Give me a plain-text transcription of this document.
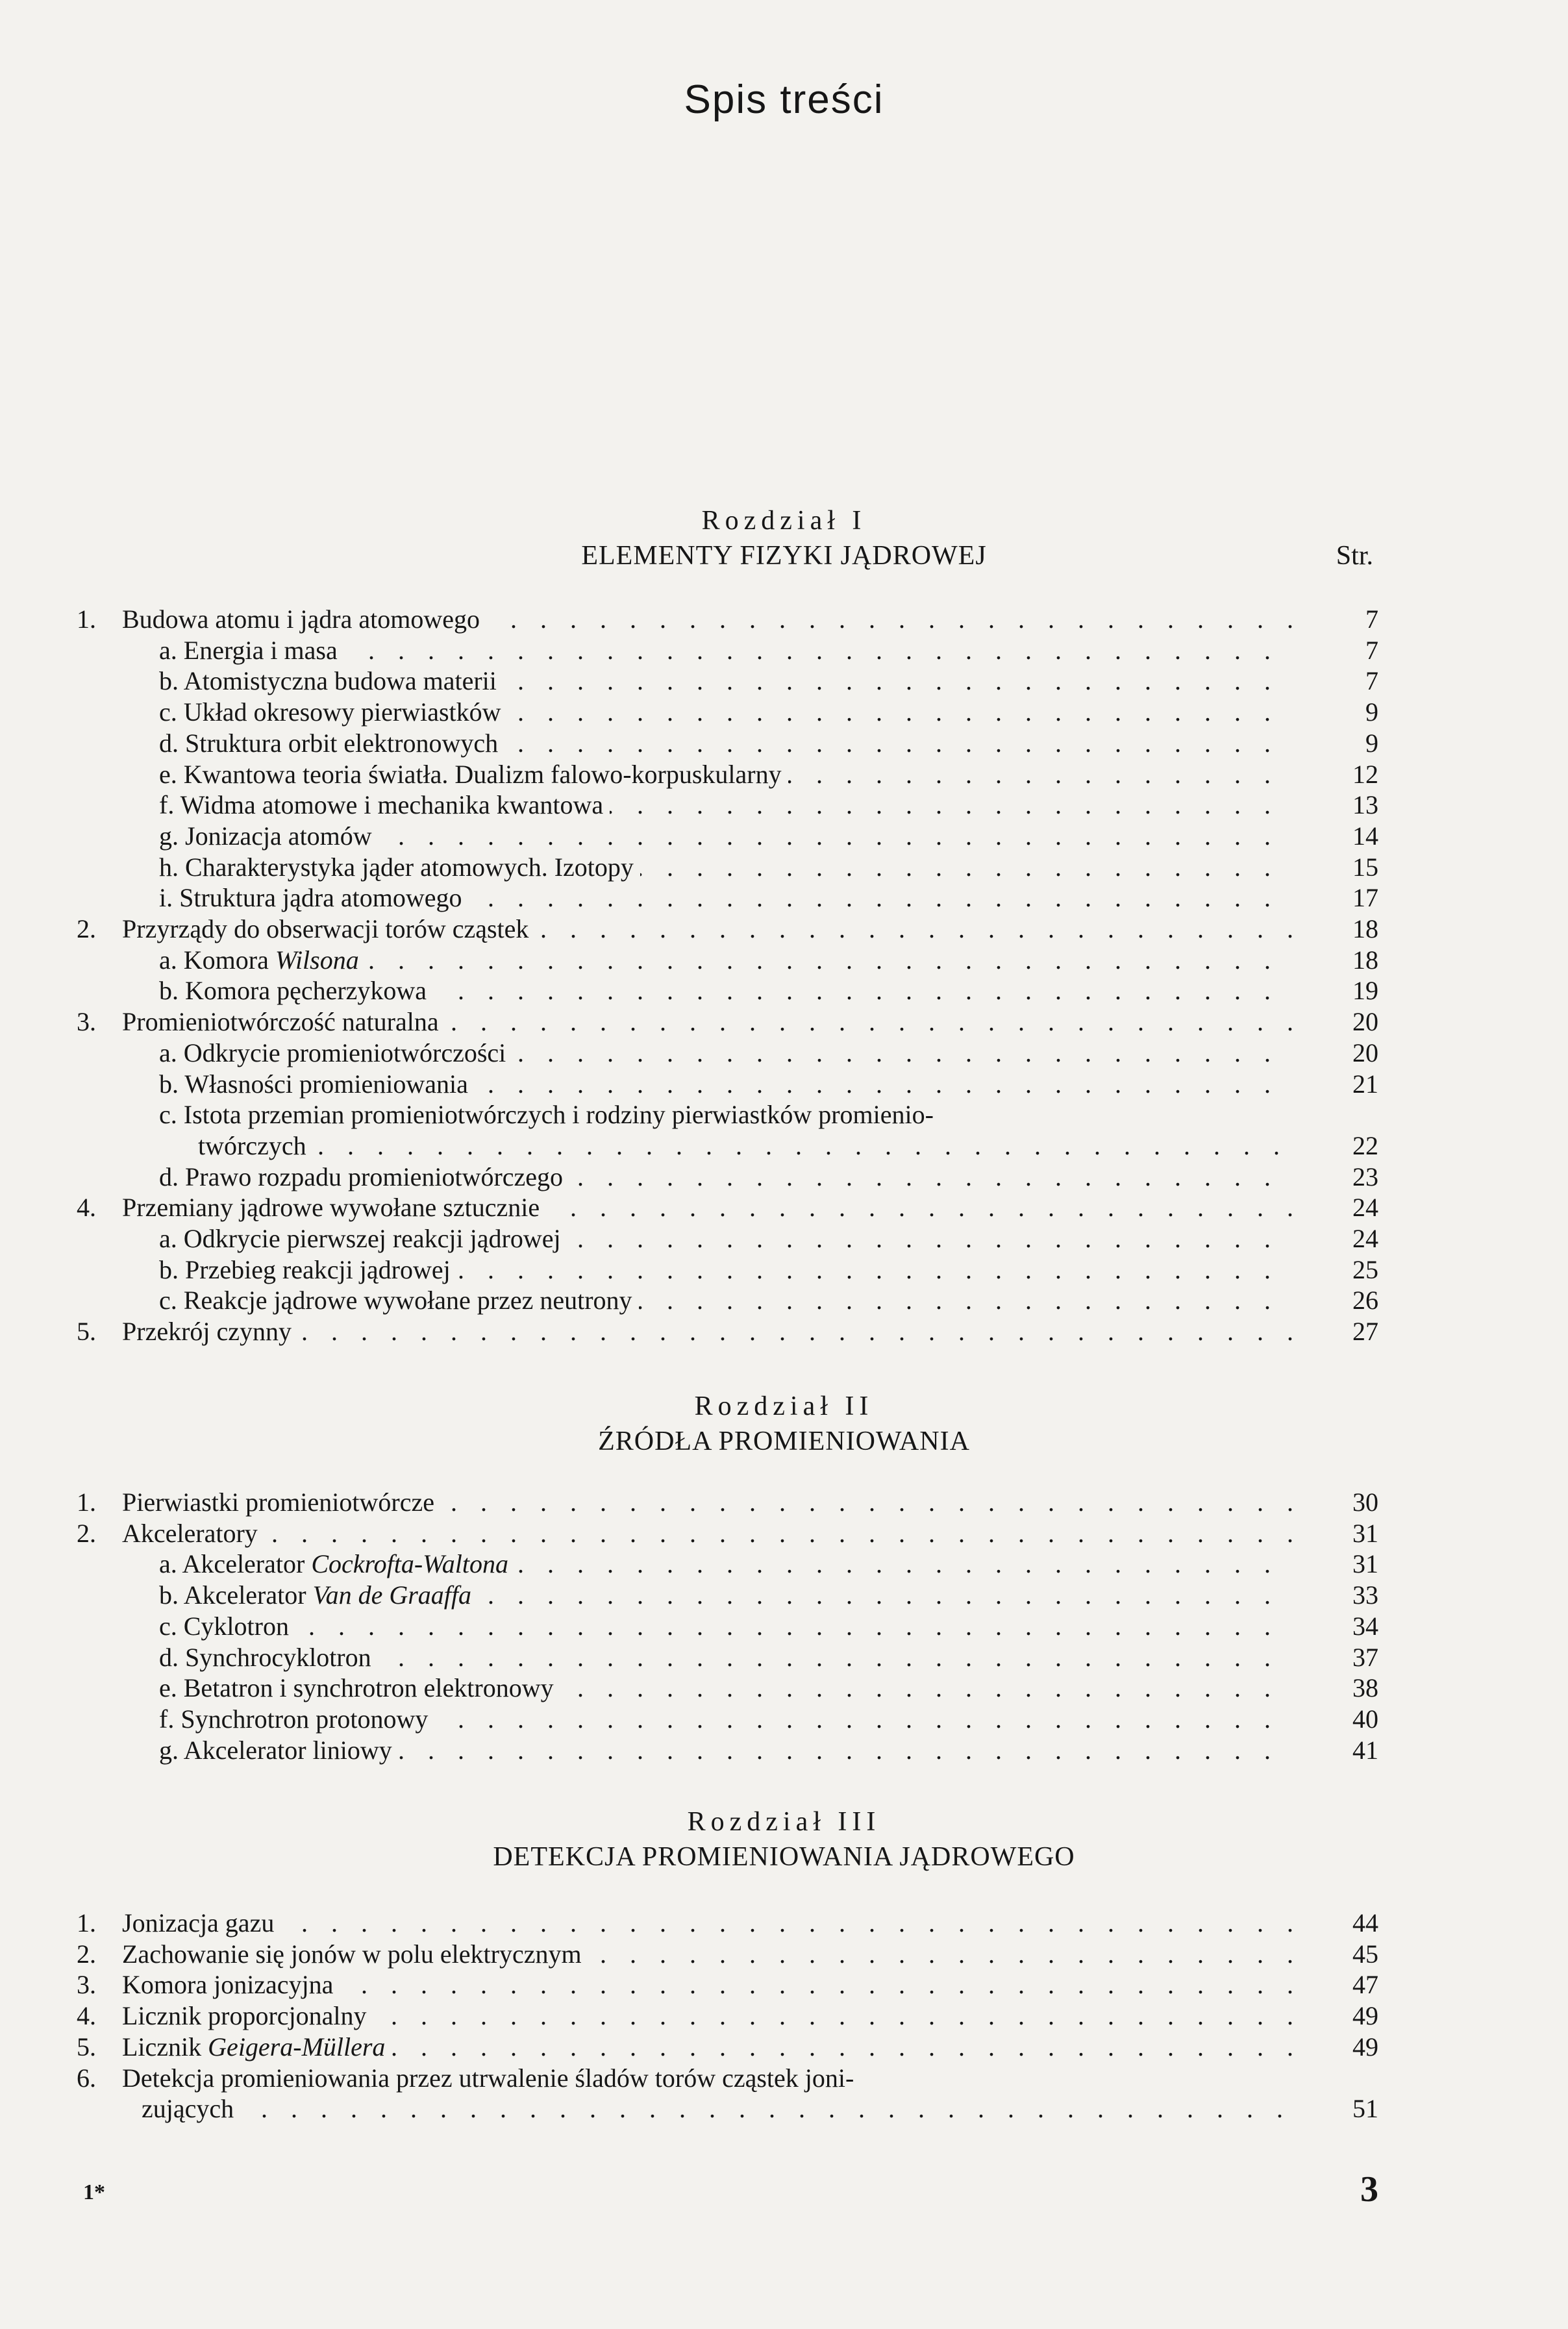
Spis treści
Rozdział I
ELEMENTY FIZYKI JĄDROWEJ	Str.
1. Budowa atomu i jądra atomowego . . .	7
a. Energia i masa . . .	7
b. Atomistyczna budowa materii . . .	7
c. Układ okresowy pierwiastków . . .	9
d. Struktura orbit elektronowych . . .	9
e. Kwantowa teoria światła. Dualizm falowo-korpuskularny . . .	12
f. Widma atomowe i mechanika kwantowa . . .	13
g. Jonizacja atomów . . .	14
h. Charakterystyka jąder atomowych. Izotopy . . .	15
i. Struktura jądra atomowego . . .	17
2. Przyrządy do obserwacji torów cząstek . . .	18
a. Komora Wilsona . . .	18
b. Komora pęcherzykowa . . .	19
3. Promieniotwórczość naturalna . . .	20
a. Odkrycie promieniotwórczości . . .	20
b. Własności promieniowania . . .	21
c. Istota przemian promieniotwórczych i rodziny pierwiastków promienio-
twórczych . . .	22
d. Prawo rozpadu promieniotwórczego . . .	23
4. Przemiany jądrowe wywołane sztucznie . . .	24
a. Odkrycie pierwszej reakcji jądrowej . . .	24
b. Przebieg reakcji jądrowej . . .	25
c. Reakcje jądrowe wywołane przez neutrony . . .	26
5. Przekrój czynny . . .	27
Rozdział II
ŹRÓDŁA PROMIENIOWANIA
1. Pierwiastki promieniotwórcze . . .	30
2. Akceleratory . . .	31
a. Akcelerator Cockrofta-Waltona . . .	31
b. Akcelerator Van de Graaffa . . .	33
c. Cyklotron . . .	34
d. Synchrocyklotron . . .	37
e. Betatron i synchrotron elektronowy . . .	38
f. Synchrotron protonowy . . .	40
g. Akcelerator liniowy . . .	41
Rozdział III
DETEKCJA PROMIENIOWANIA JĄDROWEGO
1. Jonizacja gazu . . .	44
2. Zachowanie się jonów w polu elektrycznym . . .	45
3. Komora jonizacyjna . . .	47
4. Licznik proporcjonalny . . .	49
5. Licznik Geigera-Müllera . . .	49
6. Detekcja promieniowania przez utrwalenie śladów torów cząstek joni-
zujących . . .	51
1*	3
